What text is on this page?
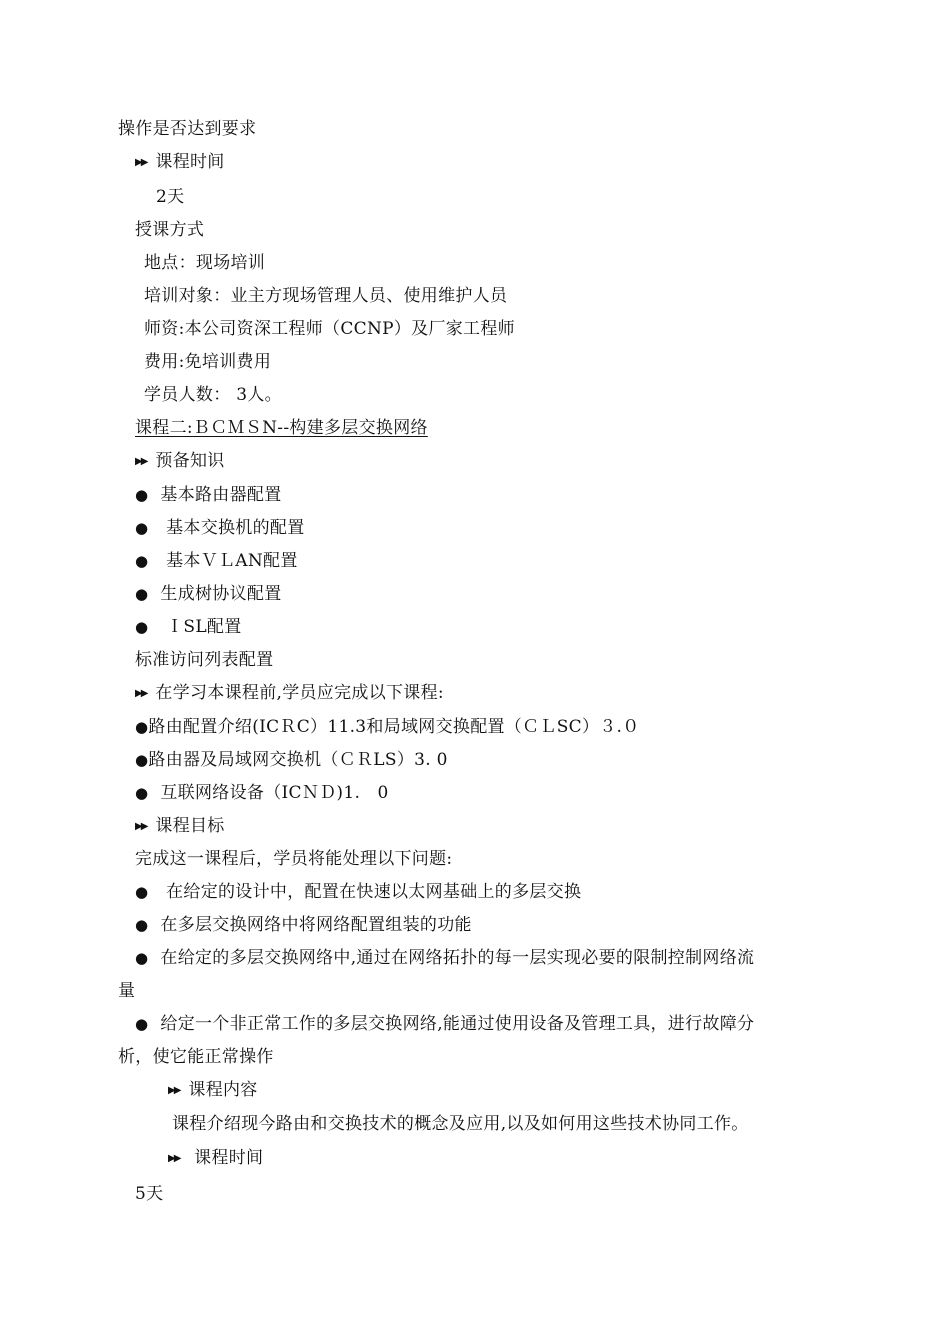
操作是否达到要求
▶▶ 课程时间
2天
授课方式
地点：现场培训
培训对象：业主方现场管理人员、使用维护人员
师资:本公司资深工程师（CCNP）及厂家工程师
费用:免培训费用
学员人数： 3人。
课程二:ＢＣＭＳN--构建多层交换网络
▶▶ 预备知识
● 基本路由器配置
● 基本交换机的配置
● 基本ＶＬAN配置
● 生成树协议配置
● ＩSL配置
标准访问列表配置
▶▶ 在学习本课程前,学员应完成以下课程:
●路由配置介绍(ICＲC）11.3和局域网交换配置（ＣＬSC）３.０
●路由器及局域网交换机（ＣＲLS）3. 0
● 互联网络设备（ICＮＤ)1.　0
▶▶ 课程目标
完成这一课程后，学员将能处理以下问题:
● 在给定的设计中，配置在快速以太网基础上的多层交换
● 在多层交换网络中将网络配置组装的功能
● 在给定的多层交换网络中,通过在网络拓扑的每一层实现必要的限制控制网络流
量
● 给定一个非正常工作的多层交换网络,能通过使用设备及管理工具，进行故障分
析，使它能正常操作
▶▶ 课程内容
课程介绍现今路由和交换技术的概念及应用,以及如何用这些技术协同工作。
▶▶ 课程时间
5天
